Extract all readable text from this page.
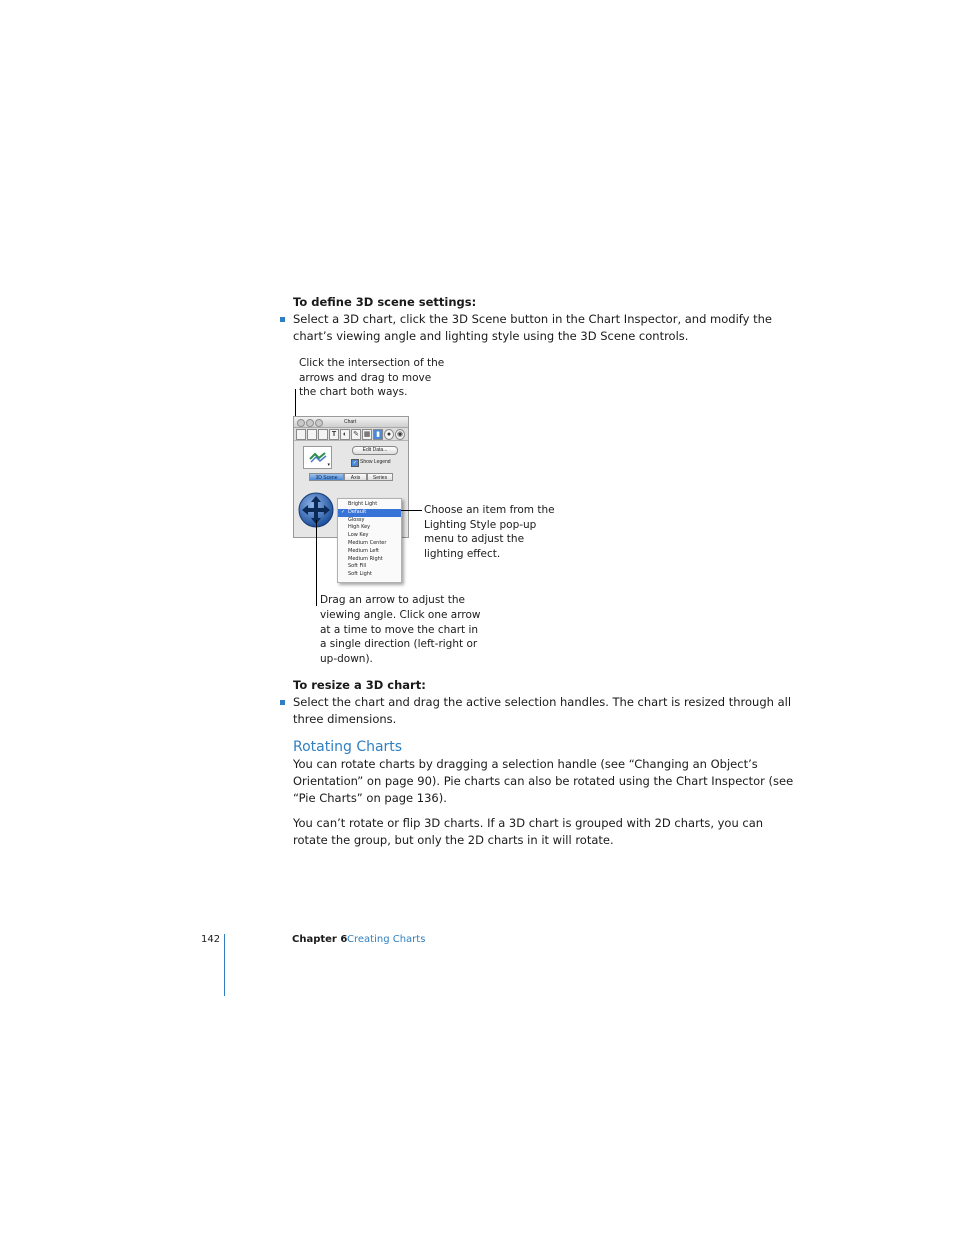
To define 3D scene settings:
Select a 3D chart, click the 3D Scene button in the Chart Inspector, and modify the
chart’s viewing angle and lighting style using the 3D Scene controls.
Click the intersection of the
arrows and drag to move
the chart both ways.
Chart
T ◐ ✎ ▦ ▮ ● ◉
▾
Edit Data...
✓ Show Legend
3D Scene	Axis	Series
Bright Light
✓ Default
Glossy
High Key
Low Key
Medium Center
Medium Left
Medium Right
Soft Fill
Soft Light
Choose an item from the
Lighting Style pop-up
menu to adjust the
lighting effect.
Drag an arrow to adjust the
viewing angle. Click one arrow
at a time to move the chart in
a single direction (left-right or
up-down).
To resize a 3D chart:
Select the chart and drag the active selection handles. The chart is resized through all
three dimensions.
Rotating Charts
You can rotate charts by dragging a selection handle (see “Changing an Object’s
Orientation” on page 90). Pie charts can also be rotated using the Chart Inspector (see
“Pie Charts” on page 136).
You can’t rotate or flip 3D charts. If a 3D chart is grouped with 2D charts, you can
rotate the group, but only the 2D charts in it will rotate.
142	Chapter 6 Creating Charts
